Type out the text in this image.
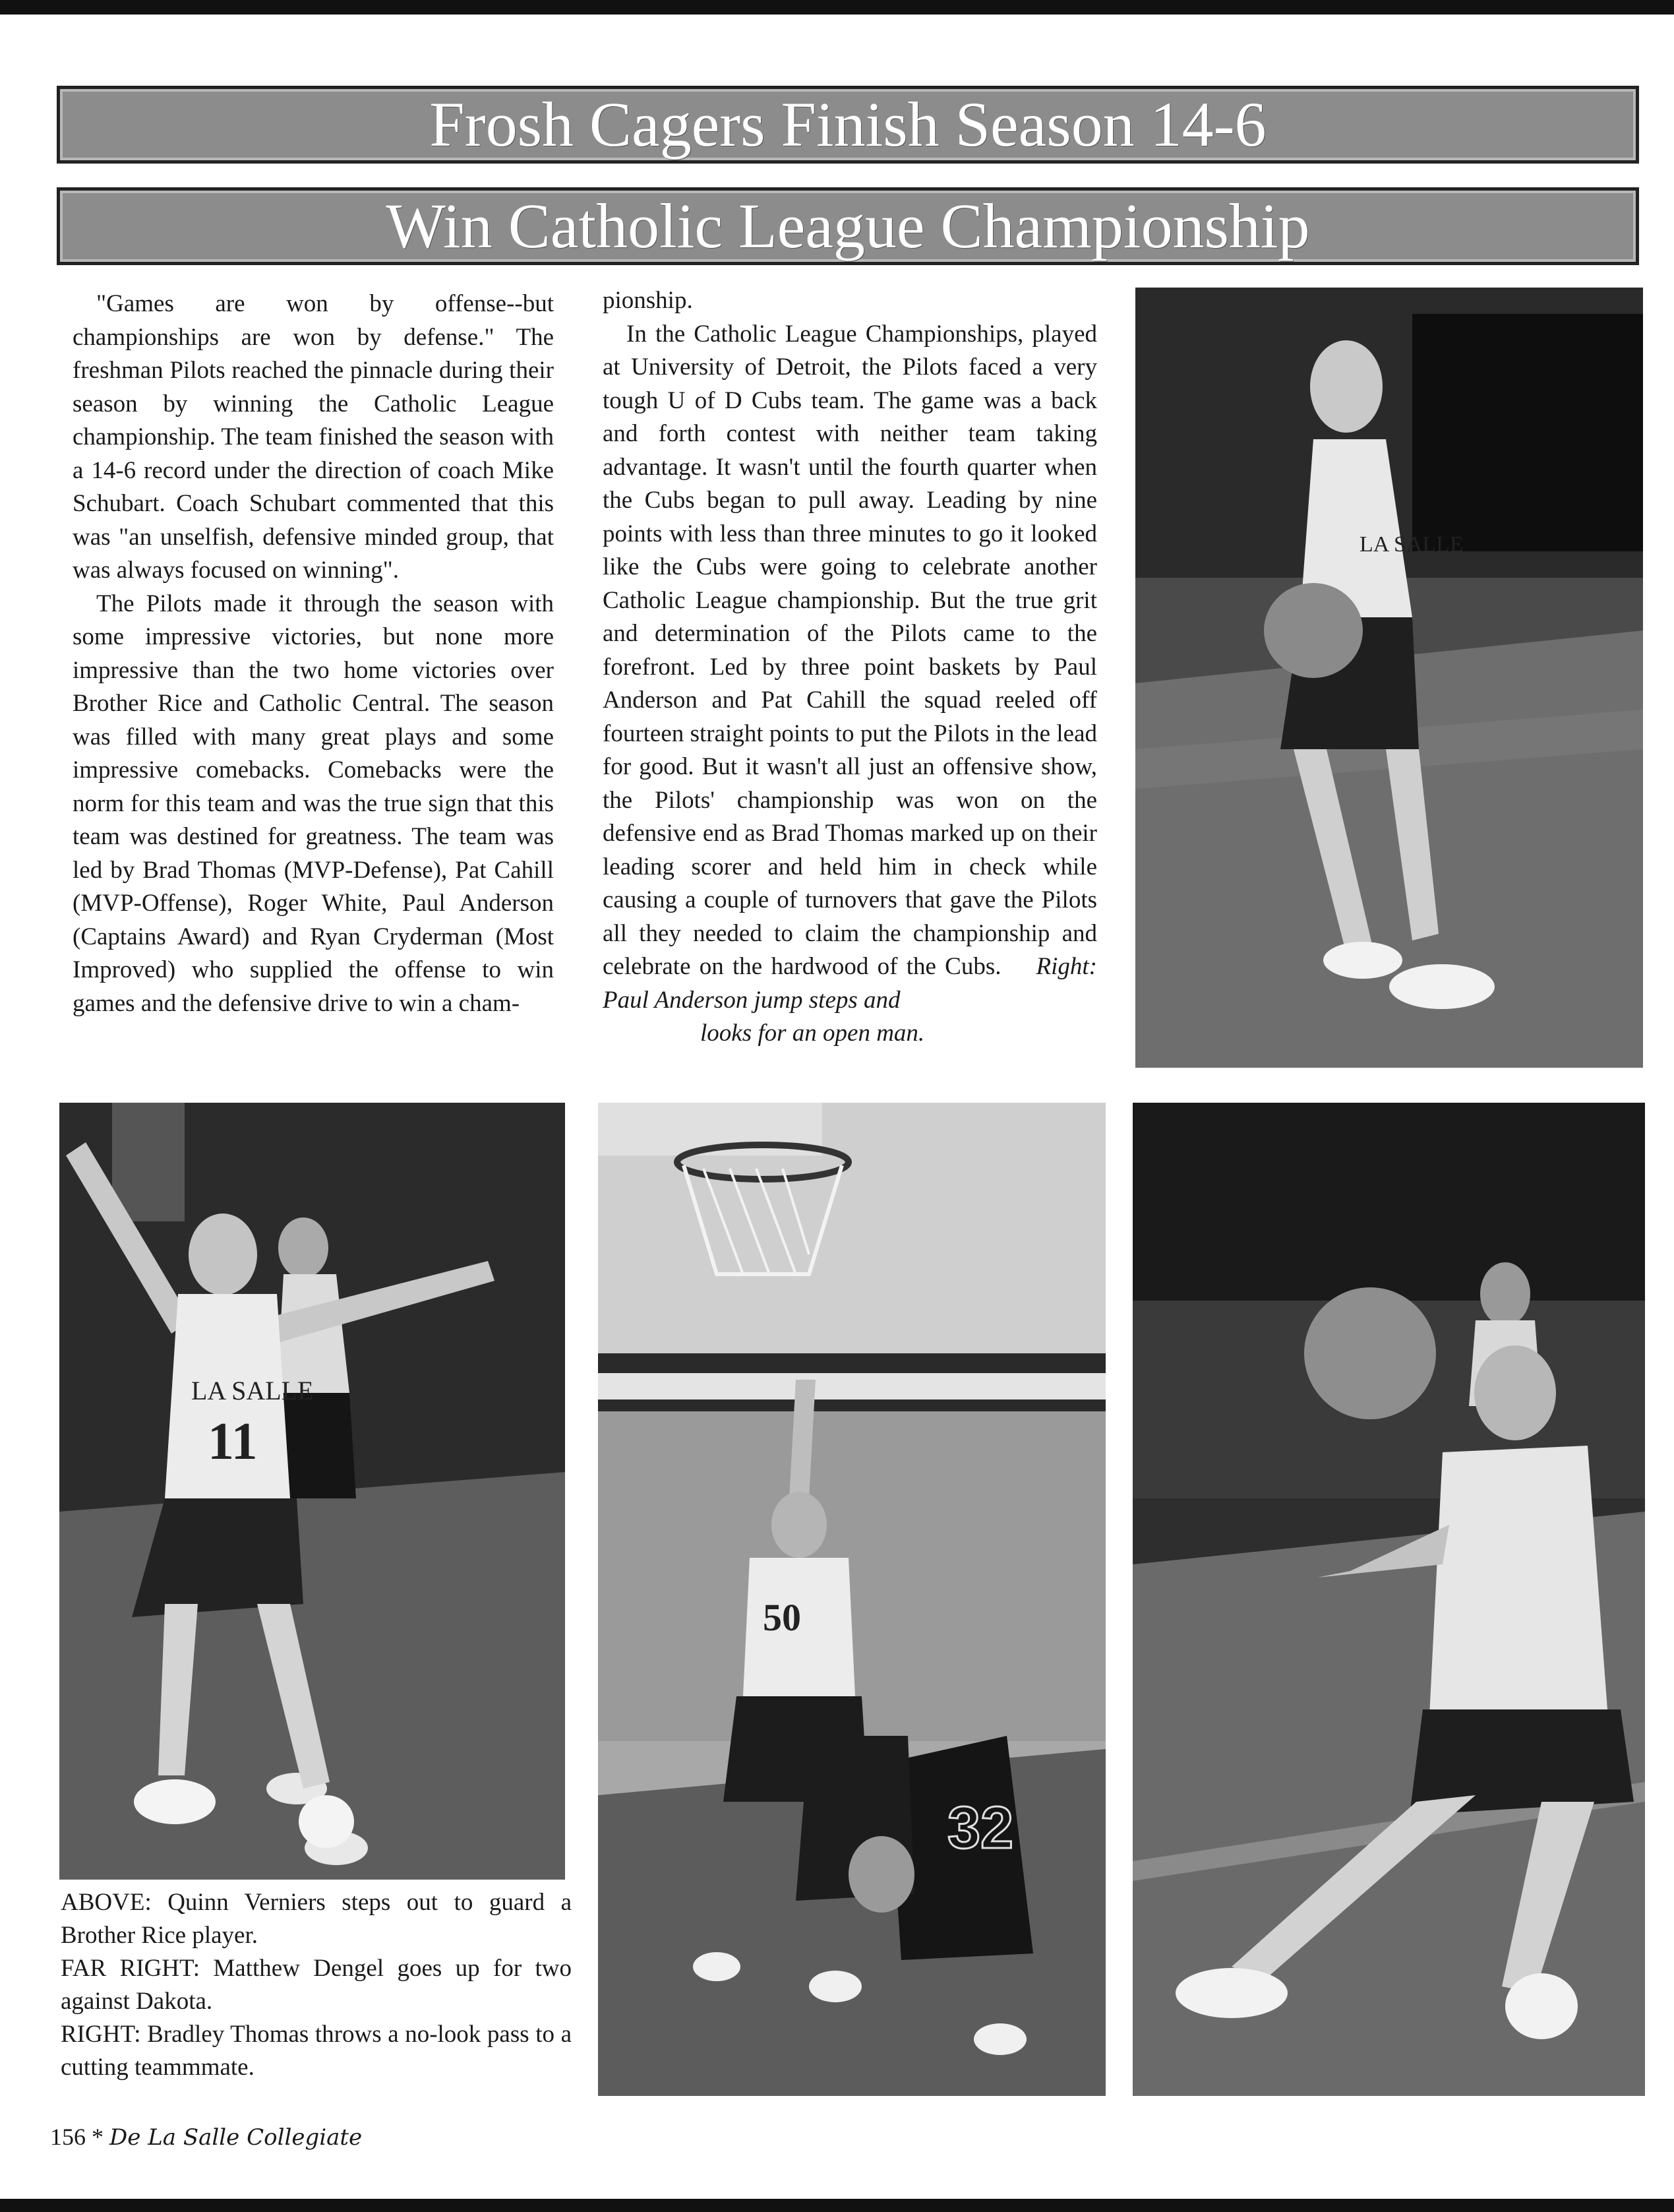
Frosh Cagers Finish Season 14-6
Win Catholic League Championship

"Games are won by offense--but championships are won by defense." The freshman Pilots reached the pinnacle during their season by winning the Catholic League championship. The team finished the season with a 14-6 record under the direction of coach Mike Schubart. Coach Schubart commented that this was "an unselfish, defensive minded group, that was always focused on winning".

The Pilots made it through the season with some impressive victories, but none more impressive than the two home victories over Brother Rice and Catholic Central. The season was filled with many great plays and some impressive comebacks. Comebacks were the norm for this team and was the true sign that this team was destined for greatness. The team was led by Brad Thomas (MVP-Defense), Pat Cahill (MVP-Offense), Roger White, Paul Anderson (Captains Award) and Ryan Cryderman (Most Improved) who supplied the offense to win games and the defensive drive to win a cham-

pionship.

In the Catholic League Championships, played at University of Detroit, the Pilots faced a very tough U of D Cubs team. The game was a back and forth contest with neither team taking advantage. It wasn't until the fourth quarter when the Cubs began to pull away. Leading by nine points with less than three minutes to go it looked like the Cubs were going to celebrate another Catholic League championship. But the true grit and determination of the Pilots came to the forefront. Led by three point baskets by Paul Anderson and Pat Cahill the squad reeled off fourteen straight points to put the Pilots in the lead for good. But it wasn't all just an offensive show, the Pilots' championship was won on the defensive end as Brad Thomas marked up on their leading scorer and held him in check while causing a couple of turnovers that gave the Pilots all they needed to claim the championship and celebrate on the hardwood of the Cubs. Right: Paul Anderson jump steps and

looks for an open man.
LA SALLE
LA SALLE
11
50
32

ABOVE: Quinn Verniers steps out to guard a Brother Rice player.

FAR RIGHT: Matthew Dengel goes up for two against Dakota.

RIGHT: Bradley Thomas throws a no-look pass to a cutting teammmate.

156 * De La Salle Collegiate
